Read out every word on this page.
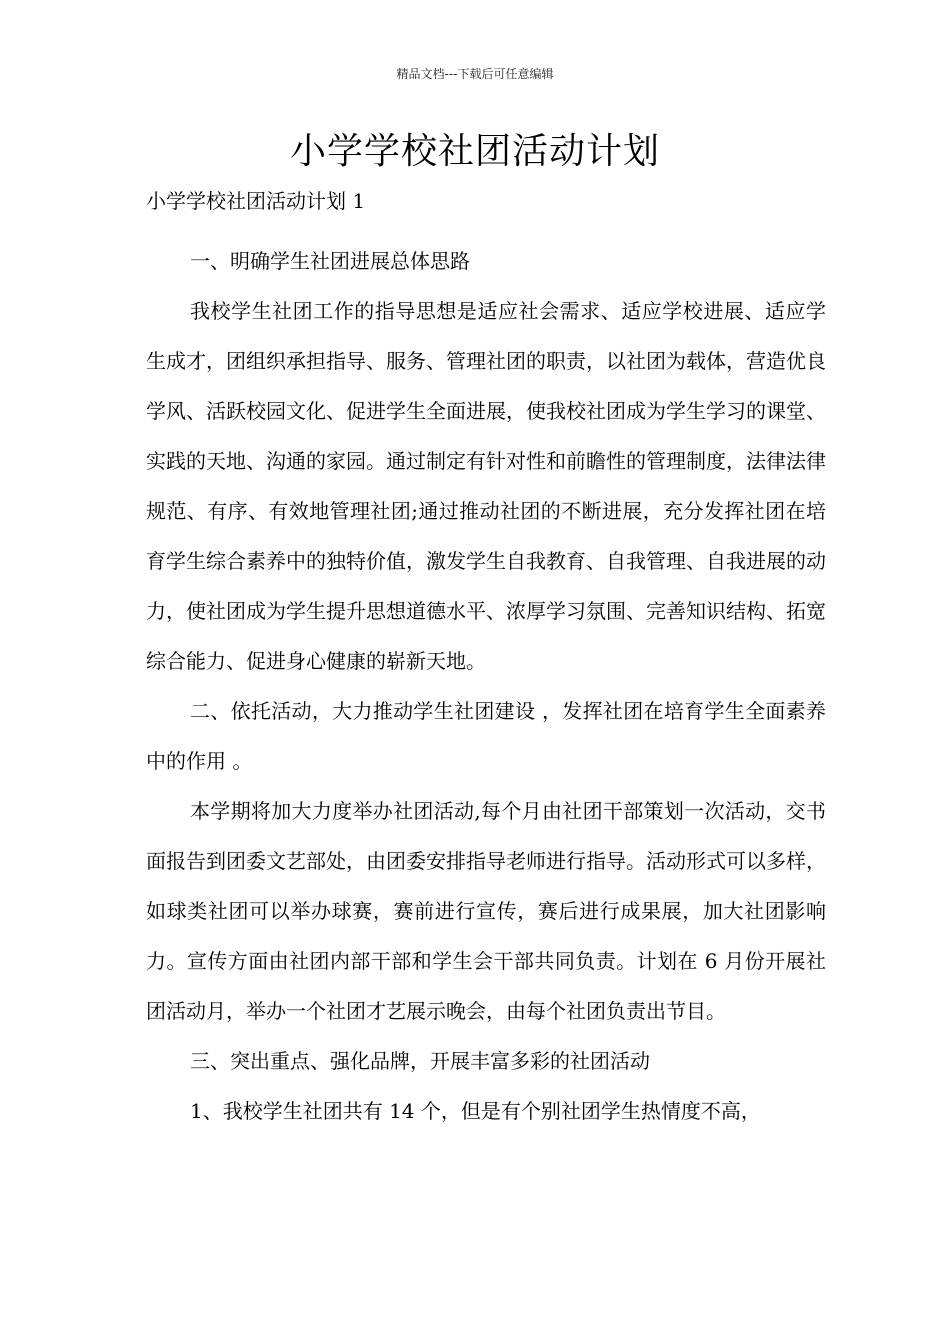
精品文档---下载后可任意编辑
小学学校社团活动计划
小学学校社团活动计划 1

一、明确学生社团进展总体思路

我校学生社团工作的指导思想是适应社会需求、适应学校进展、适应学生成才，团组织承担指导、服务、管理社团的职责，以社团为载体，营造优良学风、活跃校园文化、促进学生全面进展，使我校社团成为学生学习的课堂、实践的天地、沟通的家园。通过制定有针对性和前瞻性的管理制度，法律法律规范、有序、有效地管理社团;通过推动社团的不断进展，充分发挥社团在培育学生综合素养中的独特价值，激发学生自我教育、自我管理、自我进展的动力，使社团成为学生提升思想道德水平、浓厚学习氛围、完善知识结构、拓宽综合能力、促进身心健康的崭新天地。

二、依托活动，大力推动学生社团建设 ，发挥社团在培育学生全面素养中的作用 。

本学期将加大力度举办社团活动,每个月由社团干部策划一次活动，交书面报告到团委文艺部处，由团委安排指导老师进行指导。活动形式可以多样，如球类社团可以举办球赛，赛前进行宣传，赛后进行成果展，加大社团影响力。宣传方面由社团内部干部和学生会干部共同负责。计划在 6 月份开展社团活动月，举办一个社团才艺展示晚会，由每个社团负责出节目。

三、突出重点、强化品牌，开展丰富多彩的社团活动

1、我校学生社团共有 14 个，但是有个别社团学生热情度不高，
